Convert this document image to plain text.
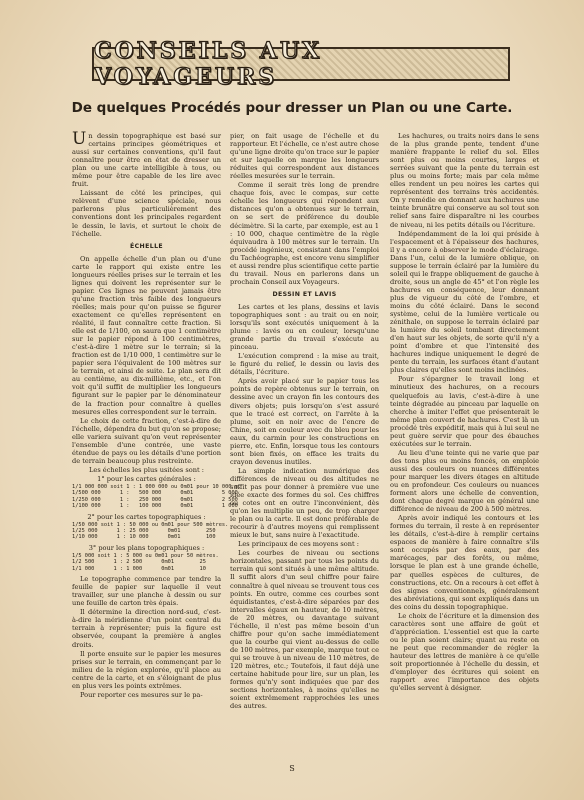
CONSEILS AUX VOYAGEURS
De quelques Procédés pour dresser un Plan ou une Carte.

Un dessin topographique est basé sur certains principes géométriques et aussi sur certaines conventions, qu'il faut connaître pour être en état de dresser un plan ou une carte intelligible à tous, ou même pour être capable de les lire avec fruit.

Laissant de côté les principes, qui relèvent d'une science spéciale, nous parlerons plus particulièrement des conventions dont les principales regardent le dessin, le lavis, et surtout le choix de l'échelle.

ÉCHELLE

On appelle échelle d'un plan ou d'une carte le rapport qui existe entre les longueurs réelles prises sur le terrain et les lignes qui doivent les représenter sur le papier. Ces lignes ne peuvent jamais être qu'une fraction très faible des longueurs réelles; mais pour qu'on puisse se figurer exactement ce qu'elles représentent en réalité, il faut connaître cette fraction. Si elle est de 1/100, on saura que 1 centimètre sur le papier répond à 100 centimètres, c'est-à-dire 1 mètre sur le terrain; si la fraction est de 1/10 000, 1 centimètre sur le papier sera l'équivalent de 100 mètres sur le terrain, et ainsi de suite. Le plan sera dit au centième, au dix-millième, etc., et l'on voit qu'il suffit de multiplier les longueurs figurant sur le papier par le dénominateur de la fraction pour connaître à quelles mesures elles correspondent sur le terrain.

Le choix de cette fraction, c'est-à-dire de l'échelle, dépendra du but qu'on se propose; elle variera suivant qu'on veut représenter l'ensemble d'une contrée, une vaste étendue de pays ou les détails d'une portion de terrain beaucoup plus restreinte.

Les échelles les plus usitées sont :

1° pour les cartes générales :

1/1 000 000 soit 1 : 1 000 000 ou 0m01 pour 10 000 m.
1/500 000      1 :   500 000      0m01         5 000
1/250 000      1 :   250 000      0m01         2 500
1/100 000      1 :   100 000      0m01         1 000

2° pour les cartes topographiques :

1/50 000 soit 1 : 50 000 ou 0m01 pour 500 mètres.
1/25 000      1 : 25 000      0m01        250
1/10 000      1 : 10 000      0m01        100

3° pour les plans topographiques :

1/5 000 soit 1 : 5 000 ou 0m01 pour 50 mètres.
1/2 500      1 : 2 500      0m01        25
1/1 000      1 : 1 000      0m01        10

Le topographe commence par tendre la feuille de papier sur laquelle il veut travailler, sur une planche à dessin ou sur une feuille de carton très épais.

Il détermine la direction nord-sud, c'est-à-dire la méridienne d'un point central du terrain à représenter; puis la figure est observée, coupant la première à angles droits.

Il porte ensuite sur le papier les mesures prises sur le terrain, en commençant par le milieu de la région explorée, qu'il place au centre de la carte, et en s'éloignant de plus en plus vers les points extrêmes.

Pour reporter ces mesures sur le pa-

pier, on fait usage de l'échelle et du rapporteur. Et l'échelle, ce n'est autre chose qu'une ligne droite qu'on trace sur le papier et sur laquelle on marque les longueurs réduites qui correspondent aux distances réelles mesurées sur le terrain.

Comme il serait très long de prendre chaque fois, avec le compas, sur cette échelle les longueurs qui répondent aux distances qu'on a obtenues sur le terrain, on se sert de préférence du double décimètre. Si la carte, par exemple, est au 1 : 10 000, chaque centimètre de la règle équivaudra à 100 mètres sur le terrain. Un procédé ingénieux, consistant dans l'emploi du Tachéographe, est encore venu simplifier et aussi rendre plus scientifique cette partie du travail. Nous en parlerons dans un prochain Conseil aux Voyageurs.

DESSIN ET LAVIS

Les cartes et les plans, dessins et lavis topographiques sont : au trait ou en noir, lorsqu'ils sont exécutés uniquement à la plume : lavés ou en couleur, lorsqu'une grande partie du travail s'exécute au pinceau.

L'exécution comprend : la mise au trait, le figuré du relief, le dessin ou lavis des détails, l'écriture.

Après avoir placé sur le papier tous les points de repère obtenus sur le terrain, on dessine avec un crayon fin les contours des divers objets; puis lorsqu'on s'est assuré que le tracé est correct, on l'arrête à la plume, soit en noir avec de l'encre de Chine, soit en couleur avec du bleu pour les eaux, du carmin pour les constructions en pierre, etc. Enfin, lorsque tous les contours sont bien fixés, on efface les traits du crayon devenus inutiles.

La simple indication numérique des différences de niveau ou des altitudes ne suffit pas pour donner à première vue une idée exacte des formes du sol. Ces chiffres ou cotes ont en outre l'inconvénient, dès qu'on les multiplie un peu, de trop charger le plan ou la carte. Il est donc préférable de recourir à d'autres moyens qui remplissent mieux le but, sans nuire à l'exactitude.

Les principaux de ces moyens sont :

Les courbes de niveau ou sections horizontales, passant par tous les points du terrain qui sont situés à une même altitude. Il suffit alors d'un seul chiffre pour faire connaître à quel niveau se trouvent tous ces points. En outre, comme ces courbes sont équidistantes, c'est-à-dire séparées par des intervalles égaux en hauteur, de 10 mètres, de 20 mètres, ou davantage suivant l'échelle, il n'est pas même besoin d'un chiffre pour qu'on sache immédiatement que la courbe qui vient au-dessus de celle de 100 mètres, par exemple, marque tout ce qui se trouve à un niveau de 110 mètres, de 120 mètres, etc.; Toutefois, il faut déjà une certaine habitude pour lire, sur un plan, les formes qu'n'y sont indiquées que par des sections horizontales, à moins qu'elles ne soient extrêmement rapprochées les unes des autres.

Les hachures, ou traits noirs dans le sens de la plus grande pente, tendent d'une manière frappante le relief du sol. Elles sont plus ou moins courtes, larges et serrées suivant que la pente du terrain est plus ou moins forte; mais par cela même elles rendent un peu noires les cartes qui représentent des terrains très accidentés. On y remédie en donnant aux hachures une teinte brunâtre qui conserve au sol tout son relief sans faire disparaître ni les courbes de niveau, ni les petits détails ou l'écriture.

Indépendamment de la loi qui préside à l'espacement et à l'épaisseur des hachures, il y a encore à observer le mode d'éclairage. Dans l'un, celui de la lumière oblique, on suppose le terrain éclairé par la lumière du soleil qui le frappe obliquement de gauche à droite, sous un angle de 45° et l'on règle les hachures en conséquence, leur donnant plus de vigueur du côté de l'ombre, et moins du côté éclairé. Dans le second système, celui de la lumière verticale ou zénithale, on suppose le terrain éclairé par la lumière du soleil tombant directement d'en haut sur les objets, de sorte qu'il n'y a point d'ombre et que l'intensité des hachures indique uniquement le degré de pente du terrain, les surfaces étant d'autant plus claires qu'elles sont moins inclinées.

Pour s'épargner le travail long et minutieux des hachures, on a recours quelquefois au lavis, c'est-à-dire à une teinte dégradée au pinceau par laquelle on cherche à imiter l'effet que présenterait le même plan couvert de hachures. C'est là un procédé très expéditif, mais qui à lui seul ne peut guère servir que pour des ébauches exécutées sur le terrain.

Au lieu d'une teinte qui ne varie que par des tons plus ou moins foncés, on emploie aussi des couleurs ou nuances différentes pour marquer les divers étages en altitude ou en profondeur. Ces couleurs ou nuances forment alors une échelle de convention, dont chaque degré marque en général une différence de niveau de 200 à 500 mètres.

Après avoir indiqué les contours et les formes du terrain, il reste à en représenter les détails, c'est-à-dire à remplir certains espaces de manière à faire connaître s'ils sont occupés par des eaux, par des marécages, par des forêts, ou même, lorsque le plan est à une grande échelle, par quelles espèces de cultures, de constructions, etc. On a recours à cet effet à des signes conventionnels, généralement des abréviations, qui sont expliqués dans un des coins du dessin topographique.

Le choix de l'écriture et la dimension des caractères sont une affaire de goût et d'appréciation. L'essentiel est que la carte ou le plan soient clairs; quant au reste on ne peut que recommander de régler la hauteur des lettres de manière à ce qu'elle soit proportionnée à l'échelle du dessin, et d'employer des écritures qui soient en rapport avec l'importance des objets qu'elles servent à désigner.

S
